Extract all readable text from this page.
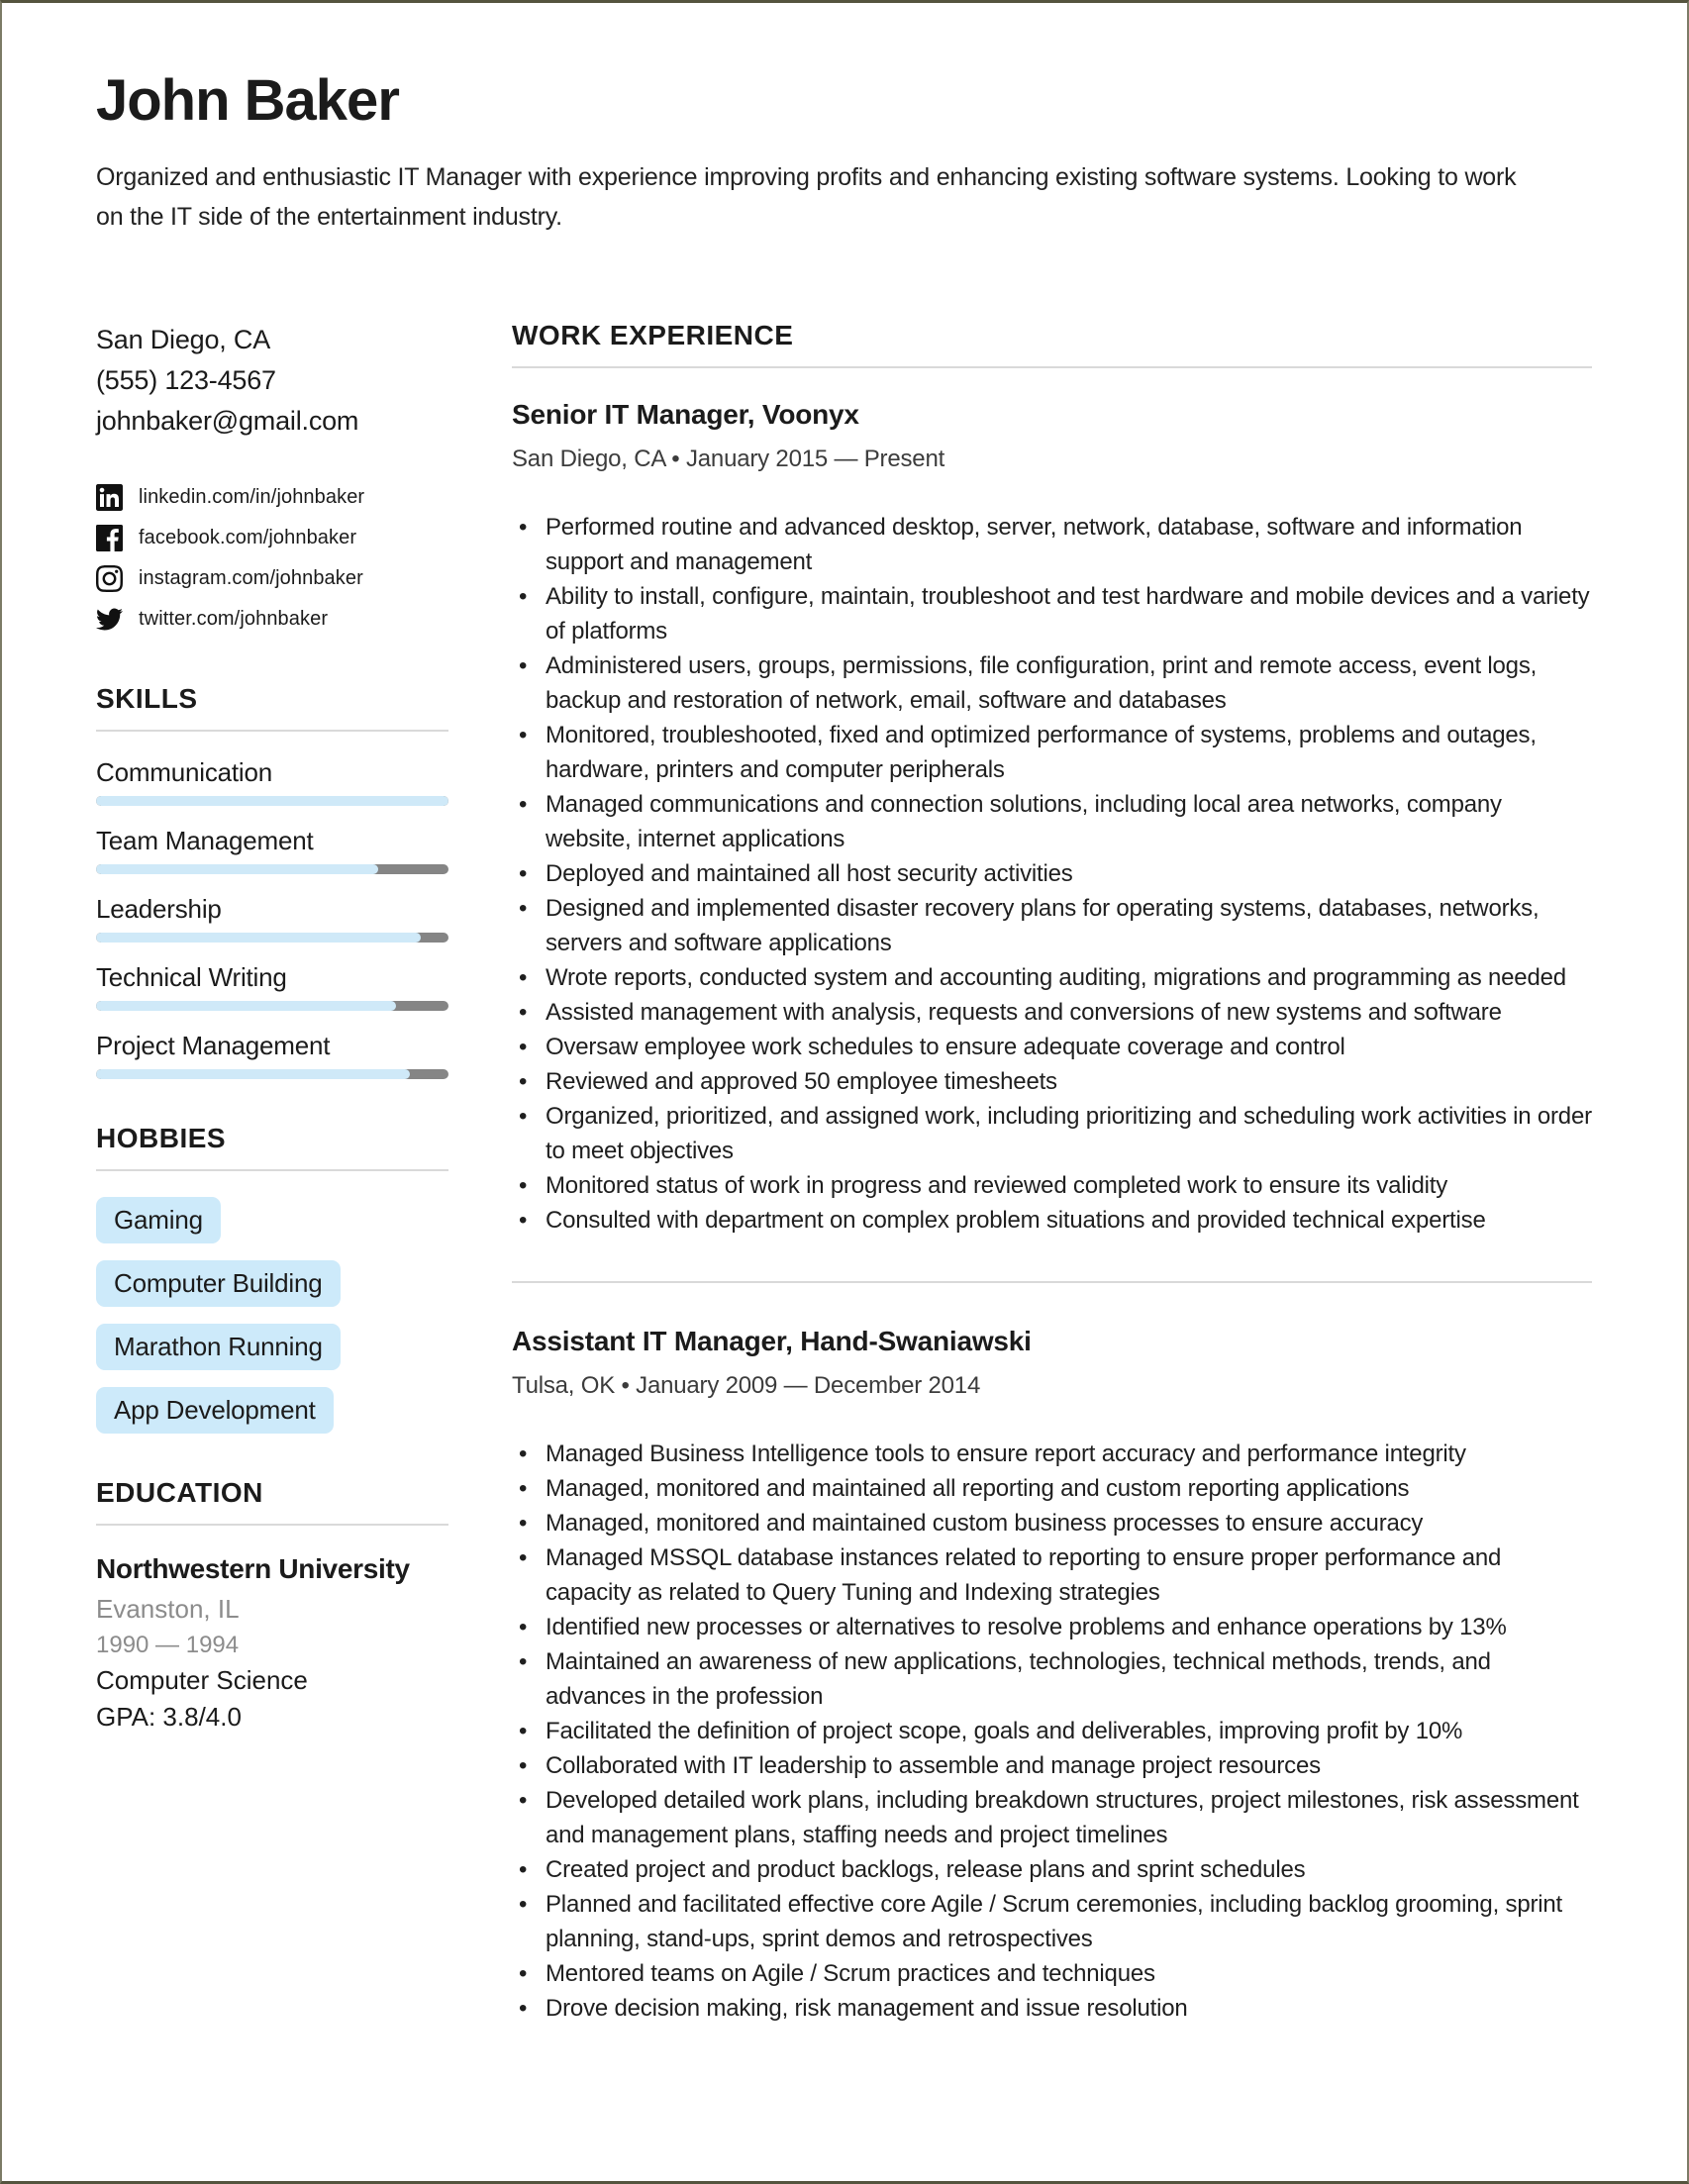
John Baker
Organized and enthusiastic IT Manager with experience improving profits and enhancing existing software systems. Looking to work on the IT side of the entertainment industry.
San Diego, CA
(555) 123-4567
johnbaker@gmail.com
linkedin.com/in/johnbaker
facebook.com/johnbaker
instagram.com/johnbaker
twitter.com/johnbaker
SKILLS
Communication
Team Management
Leadership
Technical Writing
Project Management
HOBBIES
Gaming
Computer Building
Marathon Running
App Development
EDUCATION
Northwestern University
Evanston, IL
1990 — 1994
Computer Science
GPA: 3.8/4.0
WORK EXPERIENCE
Senior IT Manager, Voonyx
San Diego, CA • January 2015 — Present
• Performed routine and advanced desktop, server, network, database, software and information support and management
• Ability to install, configure, maintain, troubleshoot and test hardware and mobile devices and a variety of platforms
• Administered users, groups, permissions, file configuration, print and remote access, event logs, backup and restoration of network, email, software and databases
• Monitored, troubleshooted, fixed and optimized performance of systems, problems and outages, hardware, printers and computer peripherals
• Managed communications and connection solutions, including local area networks, company website, internet applications
• Deployed and maintained all host security activities
• Designed and implemented disaster recovery plans for operating systems, databases, networks, servers and software applications
• Wrote reports, conducted system and accounting auditing, migrations and programming as needed
• Assisted management with analysis, requests and conversions of new systems and software
• Oversaw employee work schedules to ensure adequate coverage and control
• Reviewed and approved 50 employee timesheets
• Organized, prioritized, and assigned work, including prioritizing and scheduling work activities in order to meet objectives
• Monitored status of work in progress and reviewed completed work to ensure its validity
• Consulted with department on complex problem situations and provided technical expertise
Assistant IT Manager, Hand-Swaniawski
Tulsa, OK • January 2009 — December 2014
• Managed Business Intelligence tools to ensure report accuracy and performance integrity
• Managed, monitored and maintained all reporting and custom reporting applications
• Managed, monitored and maintained custom business processes to ensure accuracy
• Managed MSSQL database instances related to reporting to ensure proper performance and capacity as related to Query Tuning and Indexing strategies
• Identified new processes or alternatives to resolve problems and enhance operations by 13%
• Maintained an awareness of new applications, technologies, technical methods, trends, and advances in the profession
• Facilitated the definition of project scope, goals and deliverables, improving profit by 10%
• Collaborated with IT leadership to assemble and manage project resources
• Developed detailed work plans, including breakdown structures, project milestones, risk assessment and management plans, staffing needs and project timelines
• Created project and product backlogs, release plans and sprint schedules
• Planned and facilitated effective core Agile / Scrum ceremonies, including backlog grooming, sprint planning, stand-ups, sprint demos and retrospectives
• Mentored teams on Agile / Scrum practices and techniques
• Drove decision making, risk management and issue resolution
